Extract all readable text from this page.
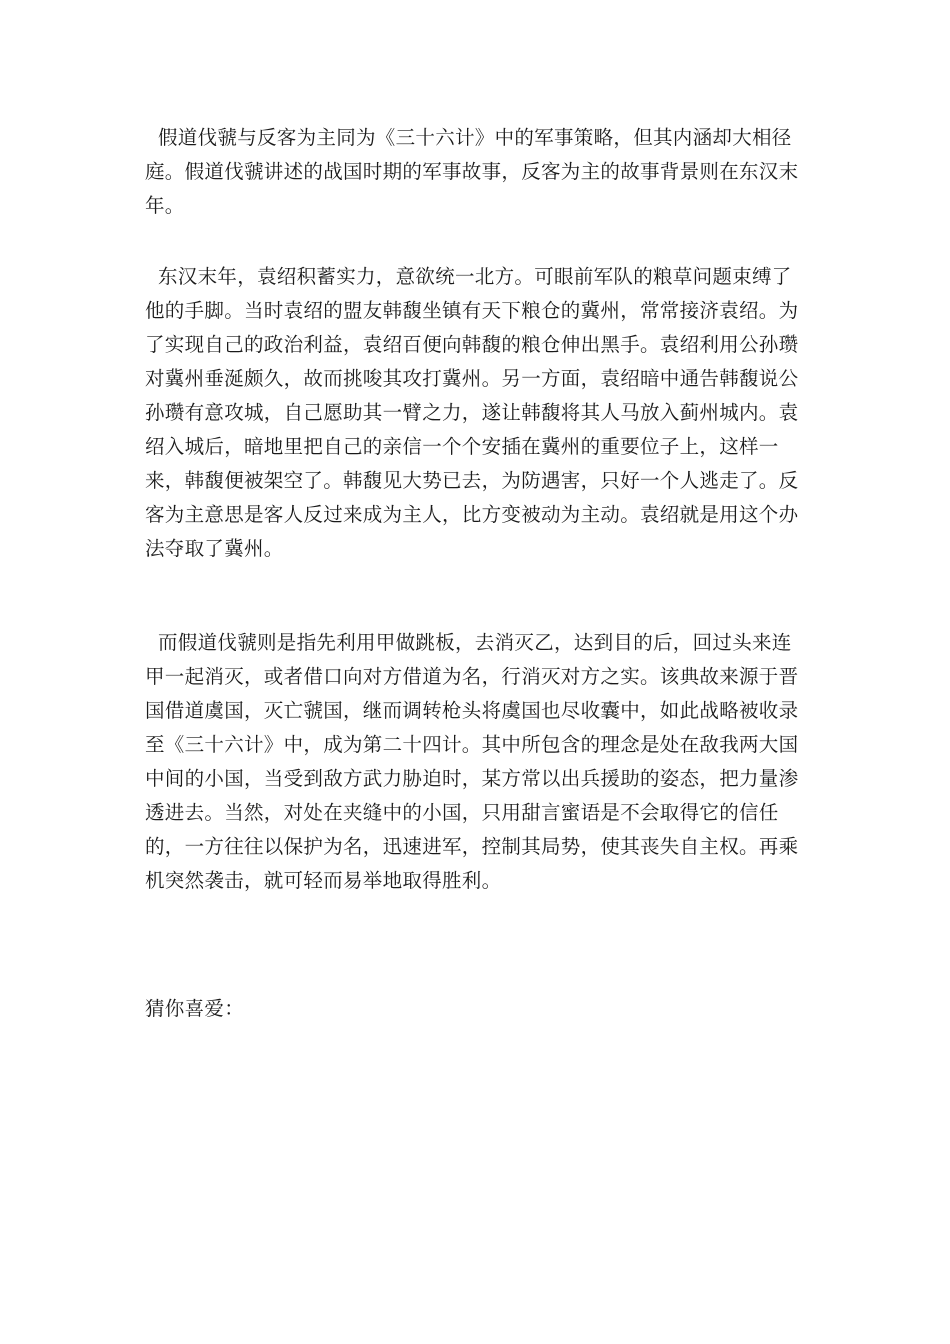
假道伐虢与反客为主同为《三十六计》中的军事策略，但其内涵却大相径庭。假道伐虢讲述的战国时期的军事故事，反客为主的故事背景则在东汉末年。

东汉末年，袁绍积蓄实力，意欲统一北方。可眼前军队的粮草问题束缚了他的手脚。当时袁绍的盟友韩馥坐镇有天下粮仓的冀州，常常接济袁绍。为了实现自己的政治利益，袁绍百便向韩馥的粮仓伸出黑手。袁绍利用公孙瓒对冀州垂涎颇久，故而挑唆其攻打冀州。另一方面，袁绍暗中通告韩馥说公孙瓒有意攻城，自己愿助其一臂之力，遂让韩馥将其人马放入蓟州城内。袁绍入城后，暗地里把自己的亲信一个个安插在冀州的重要位子上，这样一来，韩馥便被架空了。韩馥见大势已去，为防遇害，只好一个人逃走了。反客为主意思是客人反过来成为主人，比方变被动为主动。袁绍就是用这个办法夺取了冀州。

而假道伐虢则是指先利用甲做跳板，去消灭乙，达到目的后，回过头来连甲一起消灭，或者借口向对方借道为名，行消灭对方之实。该典故来源于晋国借道虞国，灭亡虢国，继而调转枪头将虞国也尽收囊中，如此战略被收录至《三十六计》中，成为第二十四计。其中所包含的理念是处在敌我两大国中间的小国，当受到敌方武力胁迫时，某方常以出兵援助的姿态，把力量渗透进去。当然，对处在夹缝中的小国，只用甜言蜜语是不会取得它的信任的，一方往往以保护为名，迅速进军，控制其局势，使其丧失自主权。再乘机突然袭击，就可轻而易举地取得胜利。

猜你喜爱：
